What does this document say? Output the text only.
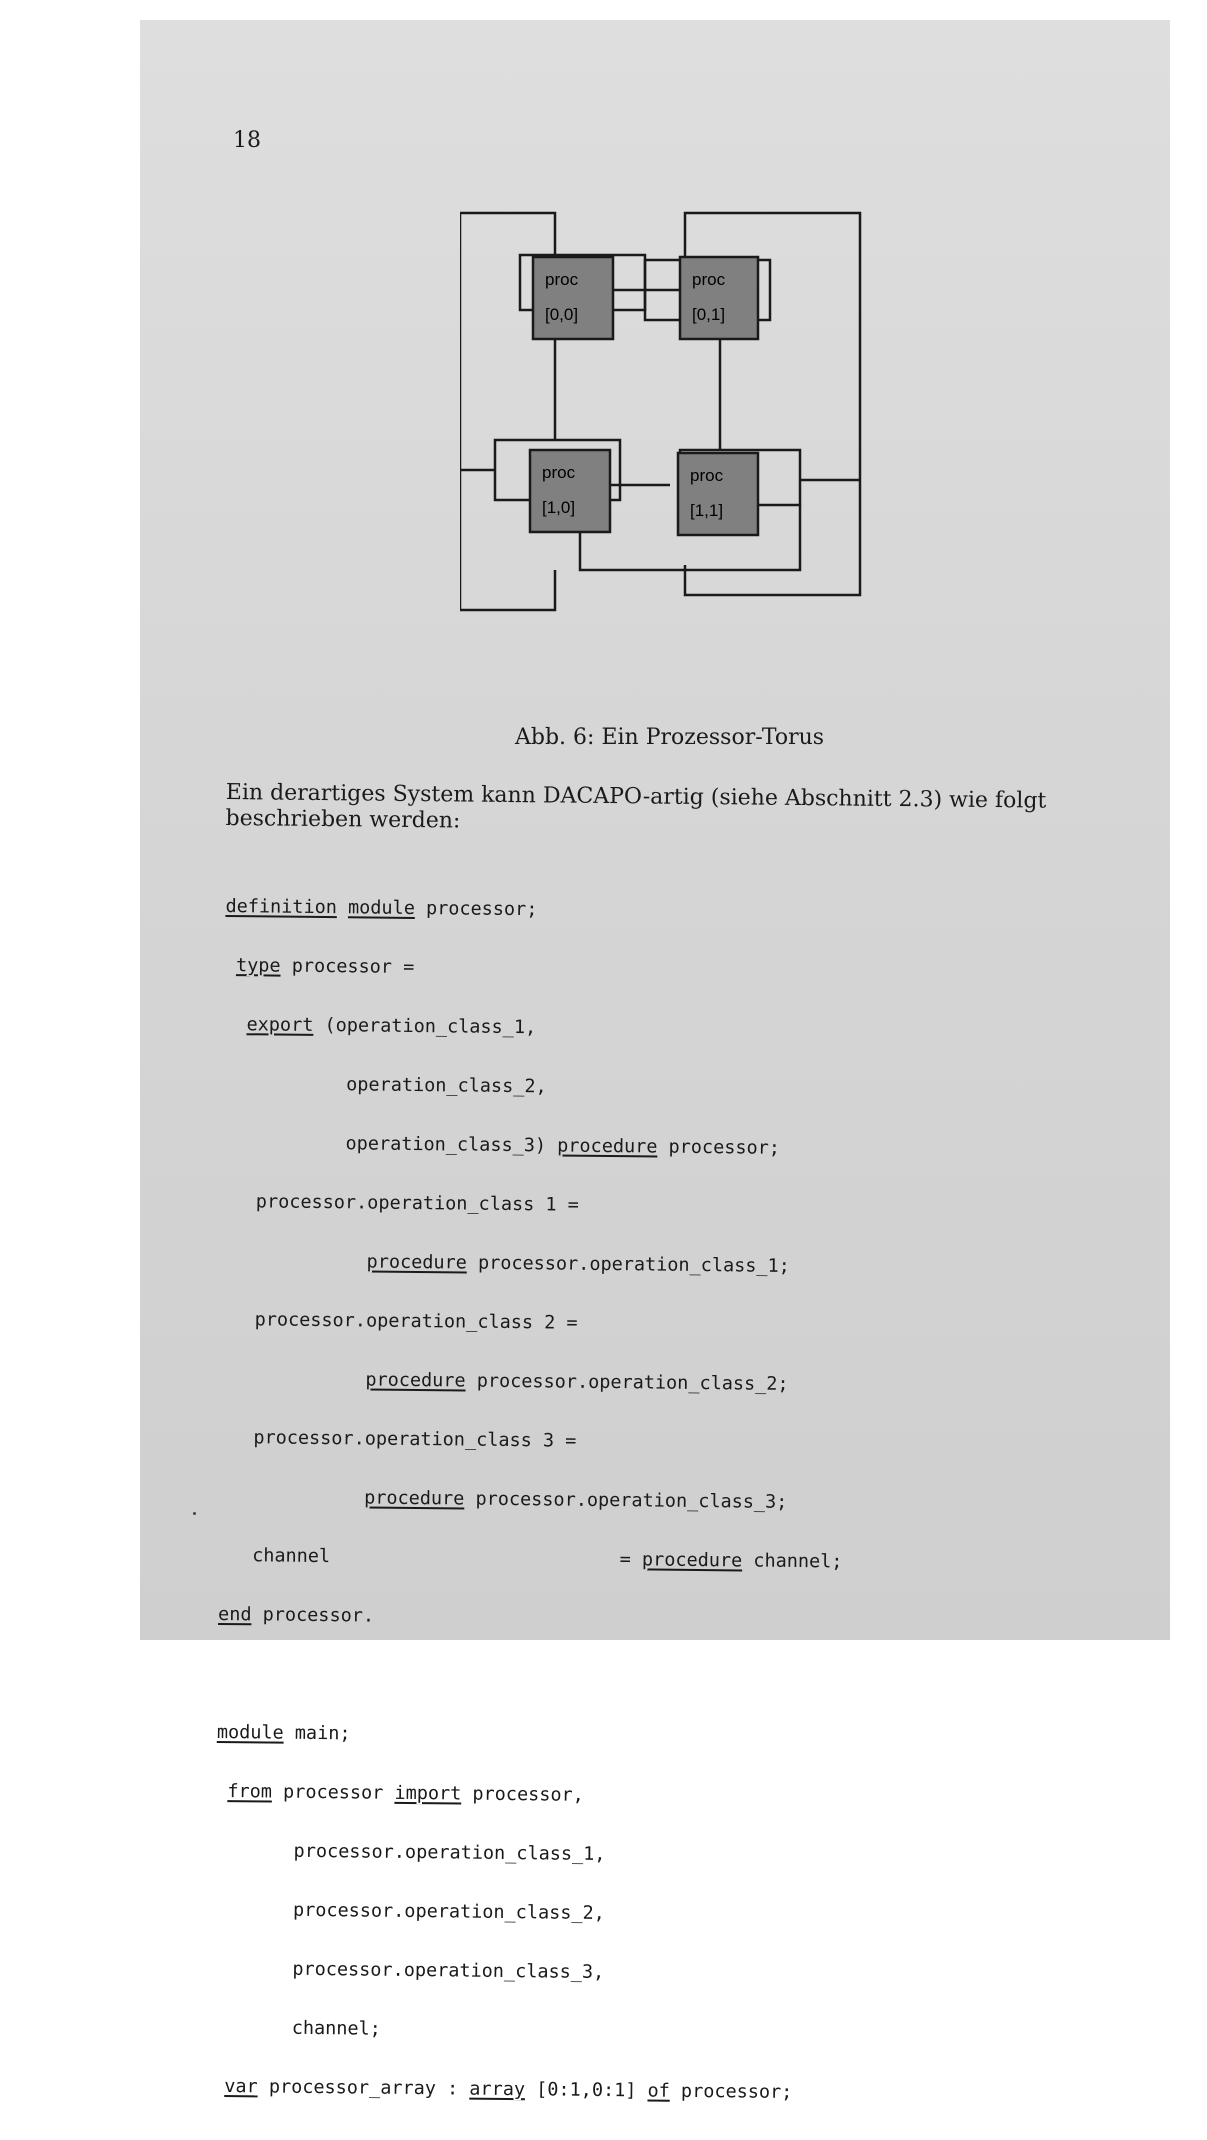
18
proc
[0,0]
proc
[0,1]
proc
[1,0]
proc
[1,1]
Abb. 6: Ein Prozessor-Torus
Ein derartiges System kann DACAPO-artig (siehe Abschnitt 2.3) wie folgt beschrieben werden:

definition module processor;

type processor =

export (operation_class_1,

operation_class_2,

operation_class_3) procedure processor;

processor.operation_class 1 =

procedure processor.operation_class_1;

processor.operation_class 2 =

procedure processor.operation_class_2;

processor.operation_class 3 =

procedure processor.operation_class_3;

channel	= procedure channel;

end processor.

module main;

from processor import processor,

processor.operation_class_1,

processor.operation_class_2,

processor.operation_class_3,

channel;

var processor_array : array [0:1,0:1] of processor;
